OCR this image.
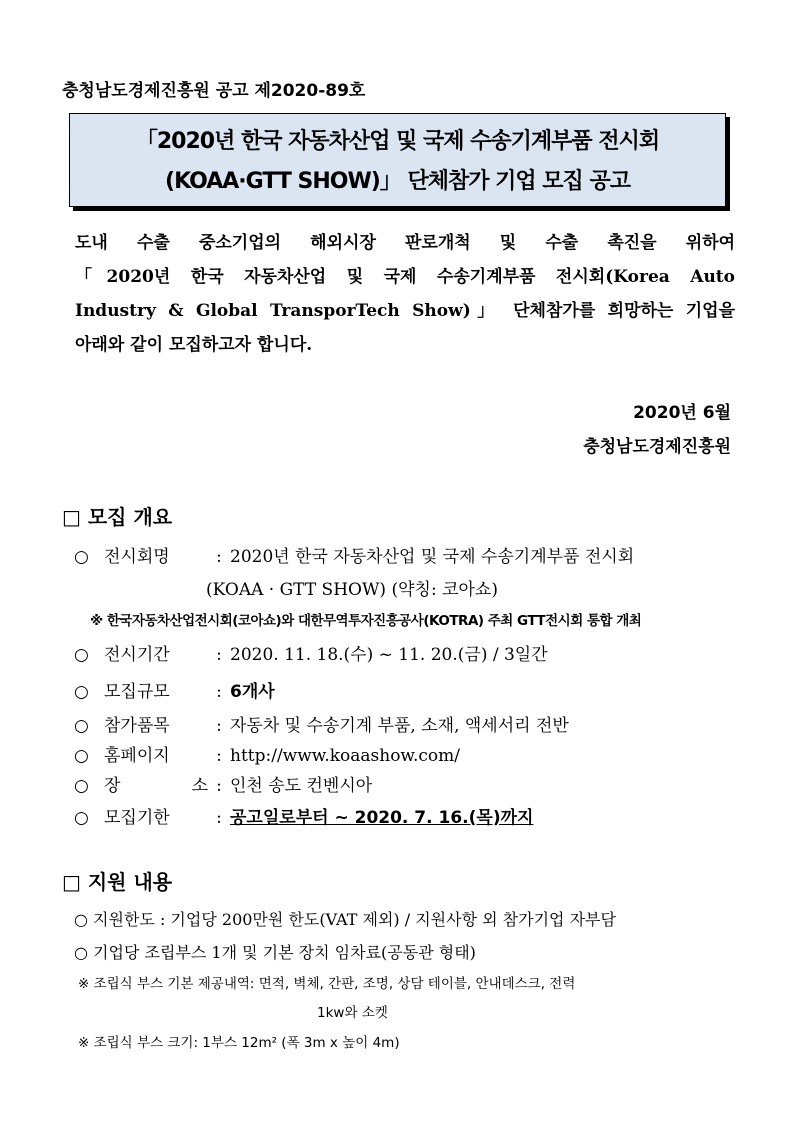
충청남도경제진흥원 공고 제2020-89호
「2020년 한국 자동차산업 및 국제 수송기계부품 전시회
(KOAA·GTT SHOW)」 단체참가 기업 모집 공고
도내 수출 중소기업의 해외시장 판로개척 및 수출 촉진을 위하여
「2020년 한국 자동차산업 및 국제 수송기계부품 전시회(Korea Auto
Industry & Global TransporTech Show)」 단체참가를 희망하는 기업을
아래와 같이 모집하고자 합니다.
2020년 6월
충청남도경제진흥원
□ 모집 개요
○ 전시회명	: 2020년 한국 자동차산업 및 국제 수송기계부품 전시회
(KOAA · GTT SHOW) (약칭: 코아쇼)
※ 한국자동차산업전시회(코아쇼)와 대한무역투자진흥공사(KOTRA) 주최 GTT전시회 통합 개최
○ 전시기간	: 2020. 11. 18.(수) ~ 11. 20.(금) / 3일간
○ 모집규모	: 6개사
○ 참가품목	: 자동차 및 수송기계 부품, 소재, 액세서리 전반
○ 홈페이지	: http://www.koaashow.com/
○ 장 소 : 인천 송도 컨벤시아
○ 모집기한	: 공고일로부터 ~ 2020. 7. 16.(목)까지
□ 지원 내용
○ 지원한도 : 기업당 200만원 한도(VAT 제외) / 지원사항 외 참가기업 자부담
○ 기업당 조립부스 1개 및 기본 장치 임차료(공동관 형태)
※ 조립식 부스 기본 제공내역: 면적, 벽체, 간판, 조명, 상담 테이블, 안내데스크, 전력
1kw와 소켓
※ 조립식 부스 크기: 1부스 12m² (폭 3m x 높이 4m)
